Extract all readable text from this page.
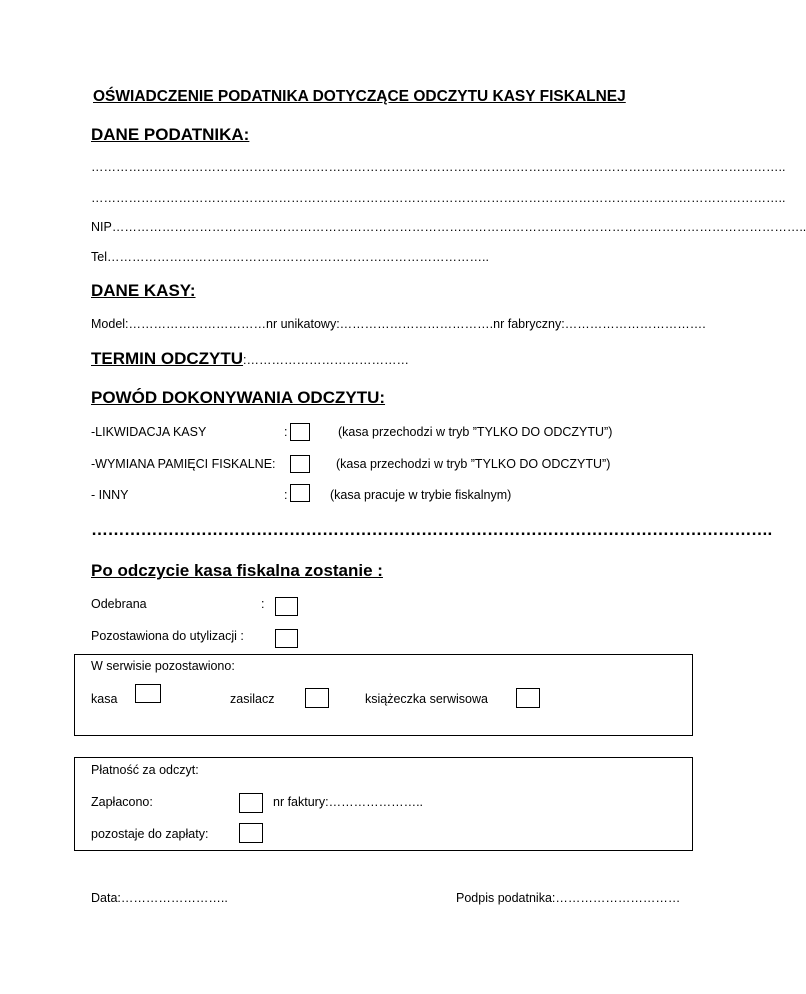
OŚWIADCZENIE PODATNIKA DOTYCZĄCE ODCZYTU KASY FISKALNEJ
DANE PODATNIKA:
…………………………………………………………………………………………………………………………………………………..
…………………………………………………………………………………………………………………………………………………..
NIP…………………………………………………………………………………………………………………………………………………..
Tel………………………………………………………………………………..
DANE KASY:
Model:……………………………nr unikatowy:……………………………….nr fabryczny:…………………………….
TERMIN ODCZYTU:…………………………………
POWÓD DOKONYWANIA ODCZYTU:
-LIKWIDACJA KASY	:	(kasa przechodzi w tryb ”TYLKO DO ODCZYTU”)
-WYMIANA PAMIĘCI FISKALNE:	(kasa przechodzi w tryb ”TYLKO DO ODCZYTU”)
- INNY	:	(kasa pracuje w trybie fiskalnym)
…………………………………………………………………………………………………………….
Po odczycie kasa fiskalna zostanie :
Odebrana	:
Pozostawiona do utylizacji :
W serwisie pozostawiono:
kasa	zasilacz	książeczka serwisowa
Płatność za odczyt:
Zapłacono:	nr faktury:…………………..
pozostaje do zapłaty:
Data:……………………..	Podpis podatnika:…………………………
